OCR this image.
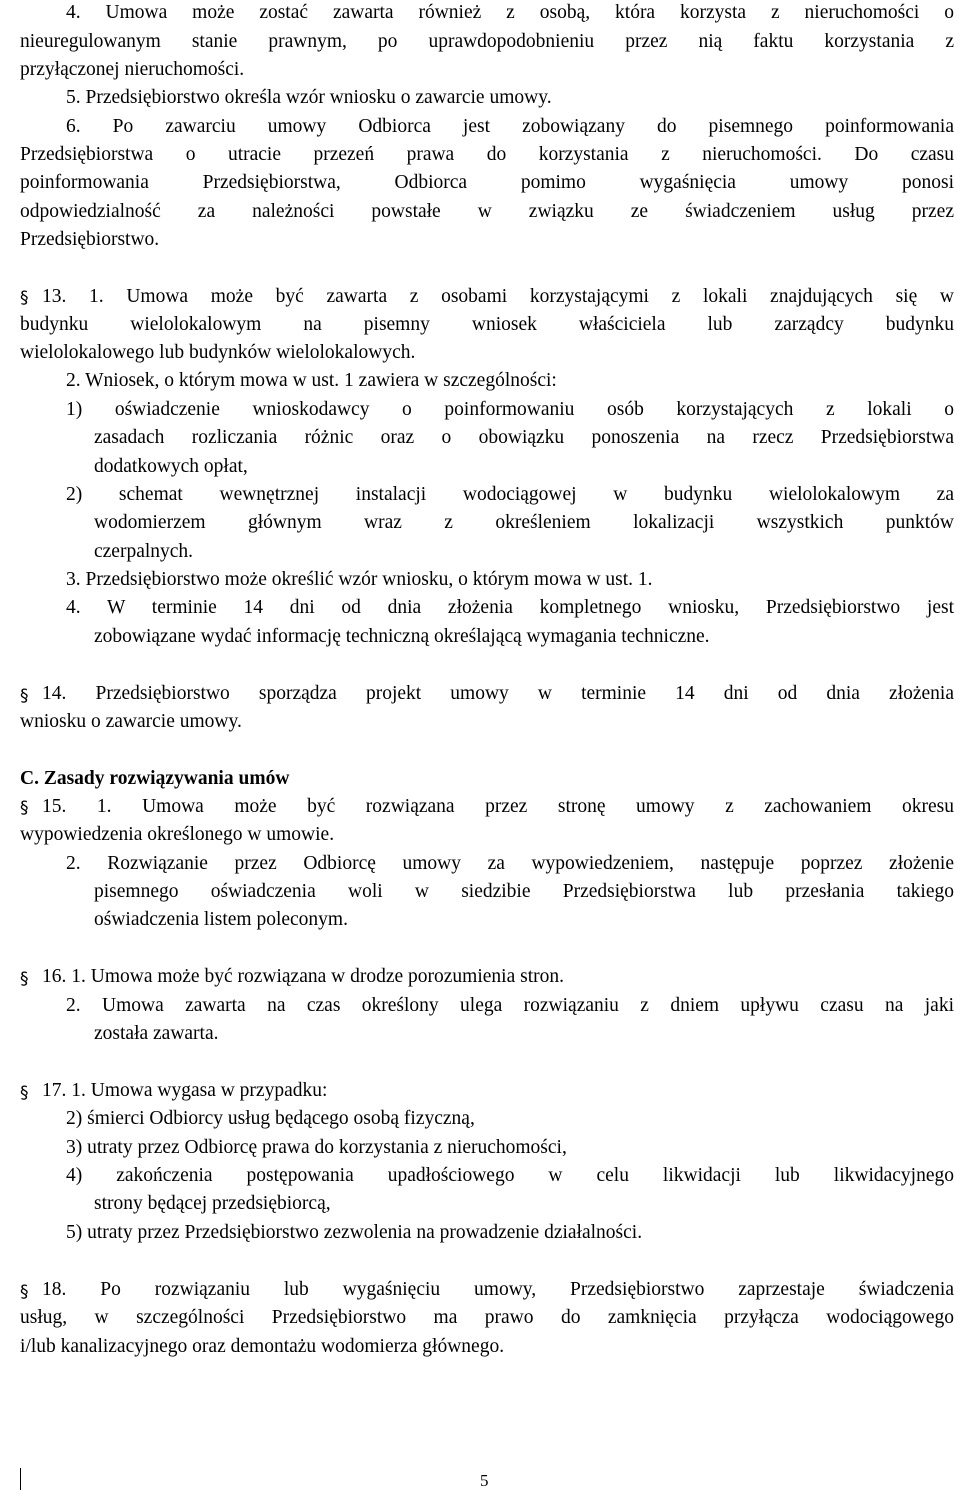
4. Umowa może zostać zawarta również z osobą, która korzysta z nieruchomości o
nieuregulowanym stanie prawnym, po uprawdopodobnieniu przez nią faktu korzystania z
przyłączonej nieruchomości.
5. Przedsiębiorstwo określa wzór wniosku o zawarcie umowy.
6. Po zawarciu umowy Odbiorca jest zobowiązany do pisemnego poinformowania
Przedsiębiorstwa o utracie przezeń prawa do korzystania z nieruchomości. Do czasu
poinformowania Przedsiębiorstwa, Odbiorca pomimo wygaśnięcia umowy ponosi
odpowiedzialność za należności powstałe w związku ze świadczeniem usług przez
Przedsiębiorstwo.
§ 13. 1. Umowa może być zawarta z osobami korzystającymi z lokali znajdujących się w
budynku wielolokalowym na pisemny wniosek właściciela lub zarządcy budynku
wielolokalowego lub budynków wielolokalowych.
2. Wniosek, o którym mowa w ust. 1 zawiera w szczególności:
1) oświadczenie wnioskodawcy o poinformowaniu osób korzystających z lokali o
zasadach rozliczania różnic oraz o obowiązku ponoszenia na rzecz Przedsiębiorstwa
dodatkowych opłat,
2) schemat wewnętrznej instalacji wodociągowej w budynku wielolokalowym za
wodomierzem głównym wraz z określeniem lokalizacji wszystkich punktów
czerpalnych.
3. Przedsiębiorstwo może określić wzór wniosku, o którym mowa w ust. 1.
4. W terminie 14 dni od dnia złożenia kompletnego wniosku, Przedsiębiorstwo jest
zobowiązane wydać informację techniczną określającą wymagania techniczne.
§ 14. Przedsiębiorstwo sporządza projekt umowy w terminie 14 dni od dnia złożenia
wniosku o zawarcie umowy.
C. Zasady rozwiązywania umów
§ 15. 1. Umowa może być rozwiązana przez stronę umowy z zachowaniem okresu
wypowiedzenia określonego w umowie.
2. Rozwiązanie przez Odbiorcę umowy za wypowiedzeniem, następuje poprzez złożenie
pisemnego oświadczenia woli w siedzibie Przedsiębiorstwa lub przesłania takiego
oświadczenia listem poleconym.
§ 16. 1. Umowa może być rozwiązana w drodze porozumienia stron.
2. Umowa zawarta na czas określony ulega rozwiązaniu z dniem upływu czasu na jaki
została zawarta.
§ 17. 1. Umowa wygasa w przypadku:
2) śmierci Odbiorcy usług będącego osobą fizyczną,
3) utraty przez Odbiorcę prawa do korzystania z nieruchomości,
4) zakończenia postępowania upadłościowego w celu likwidacji lub likwidacyjnego
strony będącej przedsiębiorcą,
5) utraty przez Przedsiębiorstwo zezwolenia na prowadzenie działalności.
§ 18. Po rozwiązaniu lub wygaśnięciu umowy, Przedsiębiorstwo zaprzestaje świadczenia
usług, w szczególności Przedsiębiorstwo ma prawo do zamknięcia przyłącza wodociągowego
i/lub kanalizacyjnego oraz demontażu wodomierza głównego.
5
